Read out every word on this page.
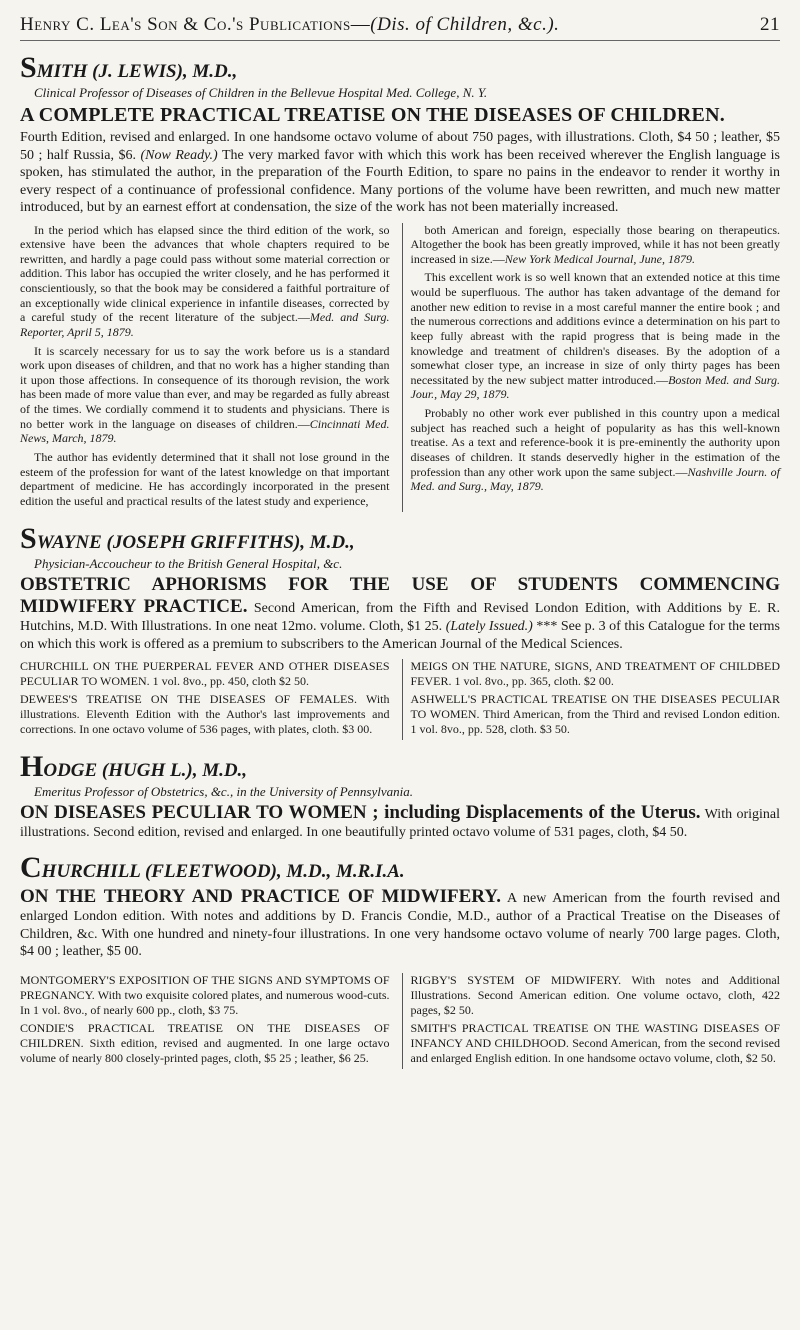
Henry C. Lea's Son & Co.'s Publications—(Dis. of Children, &c.).	21
SMITH (J. LEWIS), M.D.,
Clinical Professor of Diseases of Children in the Bellevue Hospital Med. College, N. Y.
A COMPLETE PRACTICAL TREATISE ON THE DISEASES OF CHILDREN.

Fourth Edition, revised and enlarged. In one handsome octavo volume of about 750 pages, with illustrations. Cloth, $4 50 ; leather, $5 50 ; half Russia, $6. (Now Ready.) The very marked favor with which this work has been received wherever the English language is spoken, has stimulated the author, in the preparation of the Fourth Edition, to spare no pains in the endeavor to render it worthy in every respect of a continuance of professional confidence. Many portions of the volume have been rewritten, and much new matter introduced, but by an earnest effort at condensation, the size of the work has not been materially increased.

In the period which has elapsed since the third edition of the work, so extensive have been the advances that whole chapters required to be rewritten, and hardly a page could pass without some material correction or addition. This labor has occupied the writer closely, and he has performed it conscientiously, so that the book may be considered a faithful portraiture of an exceptionally wide clinical experience in infantile diseases, corrected by a careful study of the recent literature of the subject.—Med. and Surg. Reporter, April 5, 1879.

It is scarcely necessary for us to say the work before us is a standard work upon diseases of children, and that no work has a higher standing than it upon those affections. In consequence of its thorough revision, the work has been made of more value than ever, and may be regarded as fully abreast of the times. We cordially commend it to students and physicians. There is no better work in the language on diseases of children.—Cincinnati Med. News, March, 1879.

The author has evidently determined that it shall not lose ground in the esteem of the profession for want of the latest knowledge on that important department of medicine. He has accordingly incorporated in the present edition the useful and practical results of the latest study and experience,

both American and foreign, especially those bearing on therapeutics. Altogether the book has been greatly improved, while it has not been greatly increased in size.—New York Medical Journal, June, 1879.

This excellent work is so well known that an extended notice at this time would be superfluous. The author has taken advantage of the demand for another new edition to revise in a most careful manner the entire book ; and the numerous corrections and additions evince a determination on his part to keep fully abreast with the rapid progress that is being made in the knowledge and treatment of children's diseases. By the adoption of a somewhat closer type, an increase in size of only thirty pages has been necessitated by the new subject matter introduced.—Boston Med. and Surg. Jour., May 29, 1879.

Probably no other work ever published in this country upon a medical subject has reached such a height of popularity as has this well-known treatise. As a text and reference-book it is pre-eminently the authority upon diseases of children. It stands deservedly higher in the estimation of the profession than any other work upon the same subject.—Nashville Journ. of Med. and Surg., May, 1879.

SWAYNE (JOSEPH GRIFFITHS), M.D.,
Physician-Accoucheur to the British General Hospital, &c.

OBSTETRIC APHORISMS FOR THE USE OF STUDENTS COMMENCING MIDWIFERY PRACTICE. Second American, from the Fifth and Revised London Edition, with Additions by E. R. Hutchins, M.D. With Illustrations. In one neat 12mo. volume. Cloth, $1 25. (Lately Issued.) *** See p. 3 of this Catalogue for the terms on which this work is offered as a premium to subscribers to the American Journal of the Medical Sciences.

CHURCHILL ON THE PUERPERAL FEVER AND OTHER DISEASES PECULIAR TO WOMEN. 1 vol. 8vo., pp. 450, cloth $2 50.

DEWEES'S TREATISE ON THE DISEASES OF FEMALES. With illustrations. Eleventh Edition with the Author's last improvements and corrections. In one octavo volume of 536 pages, with plates, cloth. $3 00.

MEIGS ON THE NATURE, SIGNS, AND TREATMENT OF CHILDBED FEVER. 1 vol. 8vo., pp. 365, cloth. $2 00.

ASHWELL'S PRACTICAL TREATISE ON THE DISEASES PECULIAR TO WOMEN. Third American, from the Third and revised London edition. 1 vol. 8vo., pp. 528, cloth. $3 50.

HODGE (HUGH L.), M.D.,
Emeritus Professor of Obstetrics, &c., in the University of Pennsylvania.

ON DISEASES PECULIAR TO WOMEN ; including Displacements of the Uterus. With original illustrations. Second edition, revised and enlarged. In one beautifully printed octavo volume of 531 pages, cloth, $4 50.

CHURCHILL (FLEETWOOD), M.D., M.R.I.A.

ON THE THEORY AND PRACTICE OF MIDWIFERY. A new American from the fourth revised and enlarged London edition. With notes and additions by D. Francis Condie, M.D., author of a Practical Treatise on the Diseases of Children, &c. With one hundred and ninety-four illustrations. In one very handsome octavo volume of nearly 700 large pages. Cloth, $4 00 ; leather, $5 00.

MONTGOMERY'S EXPOSITION OF THE SIGNS AND SYMPTOMS OF PREGNANCY. With two exquisite colored plates, and numerous wood-cuts. In 1 vol. 8vo., of nearly 600 pp., cloth, $3 75.

CONDIE'S PRACTICAL TREATISE ON THE DISEASES OF CHILDREN. Sixth edition, revised and augmented. In one large octavo volume of nearly 800 closely-printed pages, cloth, $5 25 ; leather, $6 25.

RIGBY'S SYSTEM OF MIDWIFERY. With notes and Additional Illustrations. Second American edition. One volume octavo, cloth, 422 pages, $2 50.

SMITH'S PRACTICAL TREATISE ON THE WASTING DISEASES OF INFANCY AND CHILDHOOD. Second American, from the second revised and enlarged English edition. In one handsome octavo volume, cloth, $2 50.
